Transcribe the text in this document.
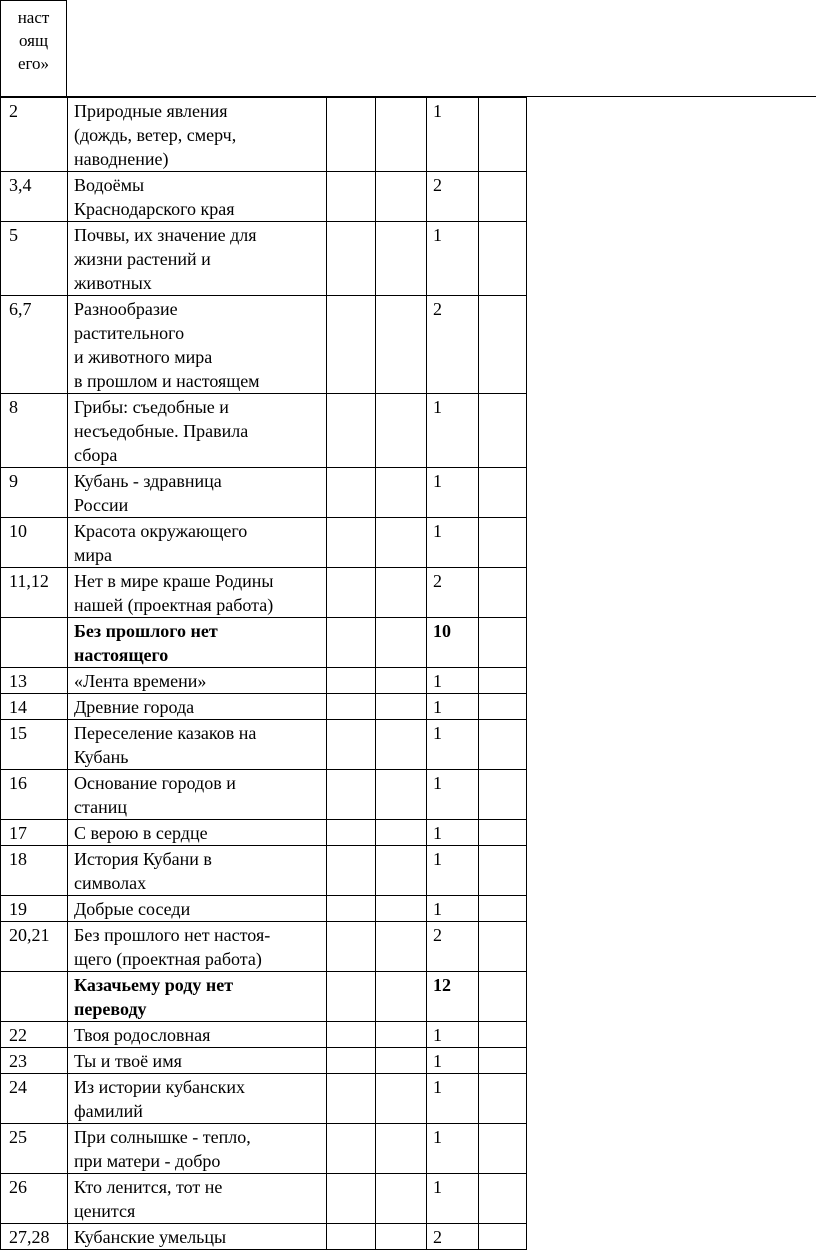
наст
оящ
его»
2	Природные явления
(дождь, ветер, смерч,
наводнение)			1	
3,4	Водоёмы
Краснодарского края			2	
5	Почвы, их значение для
жизни растений и
животных			1	
6,7	Разнообразие
растительного
и животного мира
в прошлом и настоящем			2	
8	Грибы: съедобные и
несъедобные. Правила
сбора			1	
9	Кубань - здравница
России			1	
10	Красота окружающего
мира			1	
11,12	Нет в мире краше Родины
нашей (проектная работа)			2	
	Без прошлого нет
настоящего			10	
13	«Лента времени»			1	
14	Древние города			1	
15	Переселение казаков на
Кубань			1	
16	Основание городов и
станиц			1	
17	С верою в сердце			1	
18	История Кубани в
символах			1	
19	Добрые соседи			1	
20,21	Без прошлого нет настоя-
щего (проектная работа)			2	
	Казачьему роду нет
переводу			12	
22	Твоя родословная			1	
23	Ты и твоё имя			1	
24	Из истории кубанских
фамилий			1	
25	При солнышке - тепло,
при матери - добро			1	
26	Кто ленится, тот не
ценится			1	
27,28	Кубанские умельцы			2	
